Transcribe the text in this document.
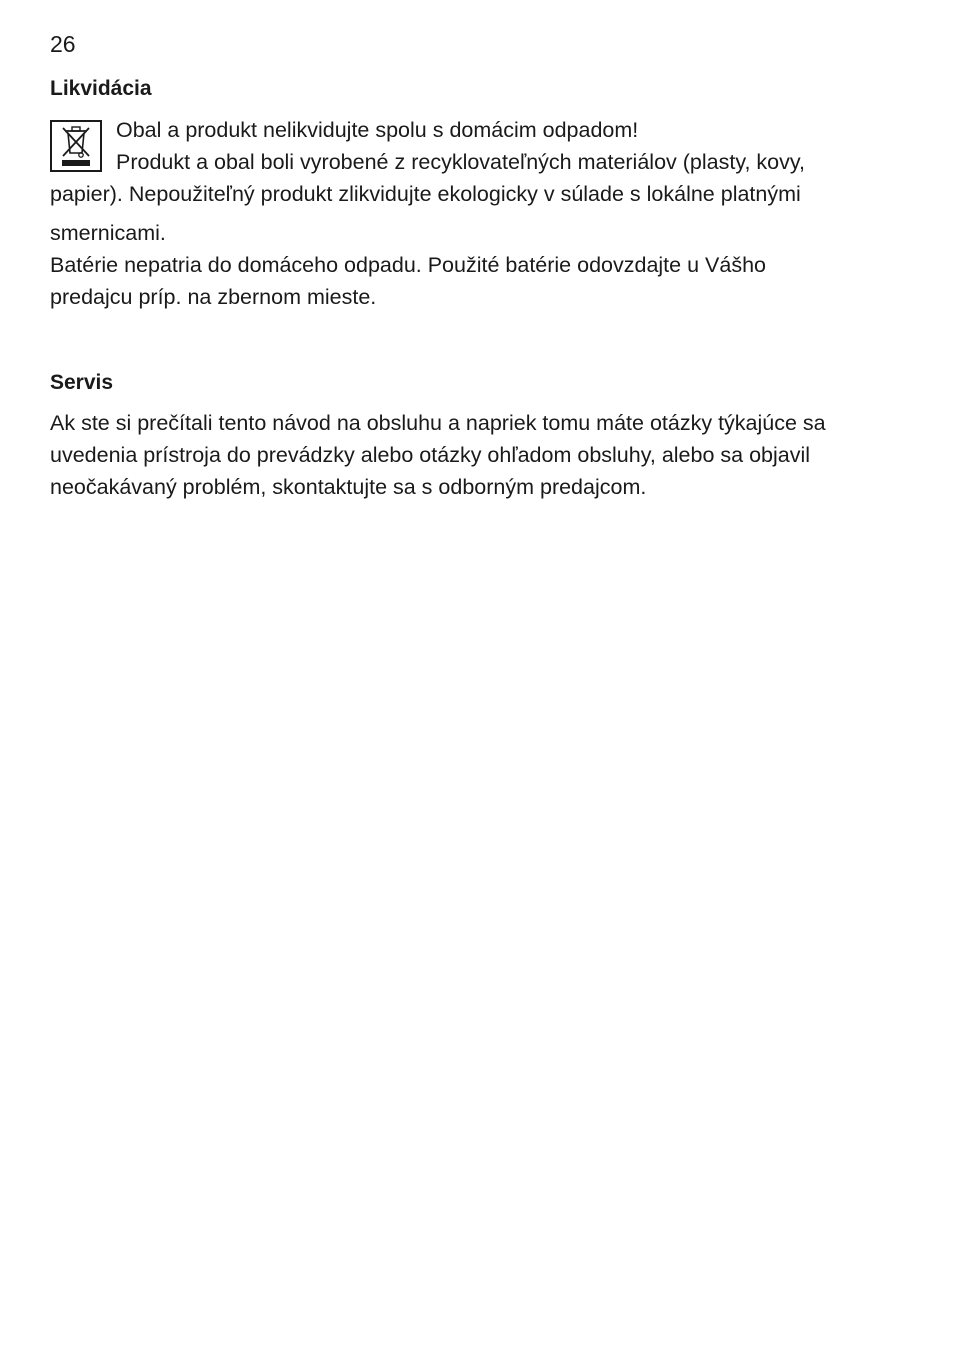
26
Likvidácia
Obal a produkt nelikvidujte spolu s domácim odpadom!
Produkt a obal boli vyrobené z recyklovateľných materiálov (plasty, kovy,
papier). Nepoužiteľný produkt zlikvidujte ekologicky v súlade s lokálne platnými
smernicami.
Batérie nepatria do domáceho odpadu. Použité batérie odovzdajte u Vášho
predajcu príp. na zbernom mieste.
Servis
Ak ste si prečítali tento návod na obsluhu a napriek tomu máte otázky týkajúce sa
uvedenia prístroja do prevádzky alebo otázky ohľadom obsluhy, alebo sa objavil
neočakávaný problém, skontaktujte sa s odborným predajcom.
